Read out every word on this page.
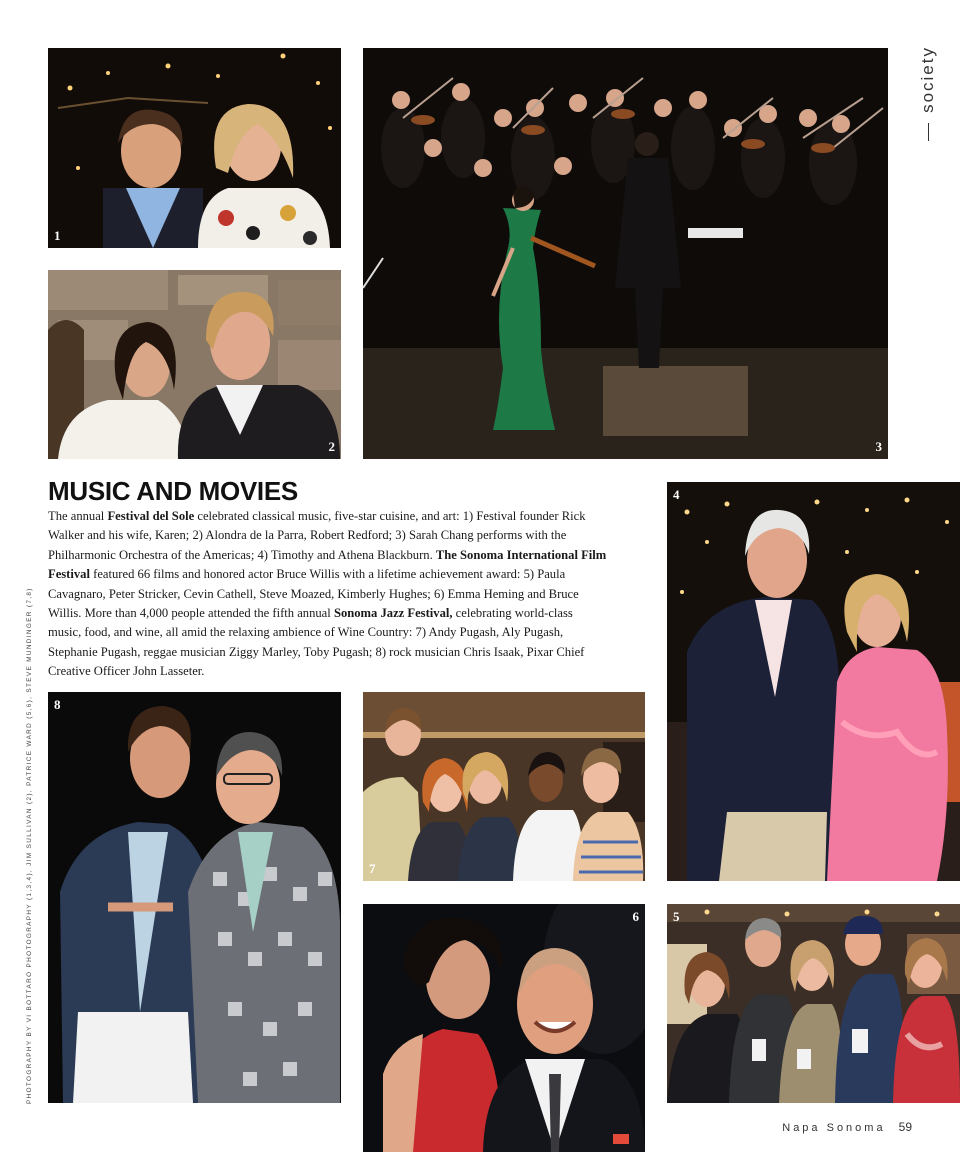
society
1
2	3
4
8
7
6	5
MUSIC AND MOVIES

The annual Festival del Sole celebrated classical music, five-star cuisine, and art: 1) Festival founder Rick Walker and his wife, Karen; 2) Alondra de la Parra, Robert Redford; 3) Sarah Chang performs with the Philharmonic Orchestra of the Americas; 4) Timothy and Athena Blackburn. The Sonoma International Film Festival featured 66 films and honored actor Bruce Willis with a lifetime achievement award: 5) Paula Cavagnaro, Peter Stricker, Cevin Cathell, Steve Moazed, Kimberly Hughes; 6) Emma Heming and Bruce Willis. More than 4,000 people attended the fifth annual Sonoma Jazz Festival, celebrating world-class music, food, and wine, all amid the relaxing ambience of Wine Country: 7) Andy Pugash, Aly Pugash, Stephanie Pugash, reggae musician Ziggy Marley, Toby Pugash; 8) rock musician Chris Isaak, Pixar Chief Creative Officer John Lasseter.

PHOTOGRAPHY BY VI BOTTARO PHOTOGRAPHY (1,3,4), JIM SULLIVAN (2), PATRICE WARD (5,6), STEVE MUNDINGER (7,8)
Napa Sonoma 59
